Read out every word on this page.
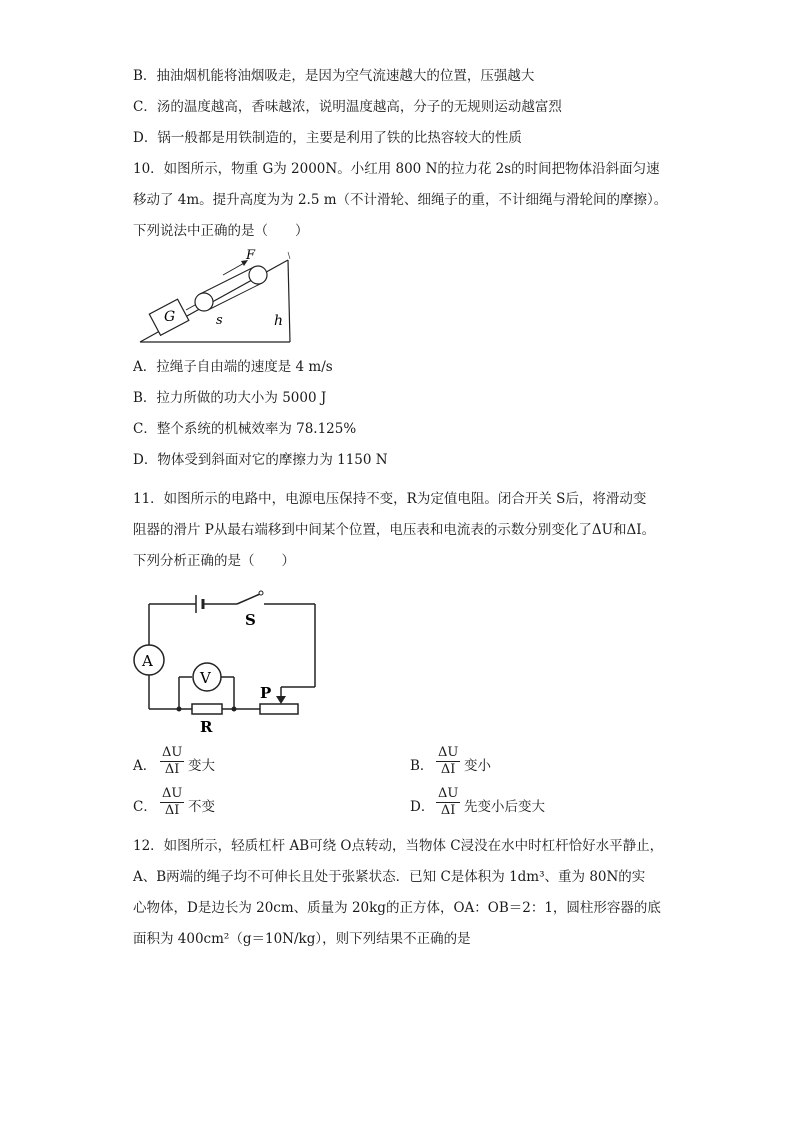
B．抽油烟机能将油烟吸走，是因为空气流速越大的位置，压强越大
C．汤的温度越高，香味越浓，说明温度越高，分子的无规则运动越富烈
D．锅一般都是用铁制造的，主要是利用了铁的比热容较大的性质
10．如图所示，物重 G为 2000N。小红用 800 N的拉力花 2s的时间把物体沿斜面匀速
移动了 4m。提升高度为为 2.5 m（不计滑轮、细绳子的重，不计细绳与滑轮间的摩擦）。
下列说法中正确的是（　　）
F
G	s	h
A．拉绳子自由端的速度是 4 m/s
B．拉力所做的功大小为 5000 J
C．整个系统的机械效率为 78.125%
D．物体受到斜面对它的摩擦力为 1150 N
11．如图所示的电路中，电源电压保持不变，R为定值电阻。闭合开关 S后，将滑动变
阻器的滑片 P从最右端移到中间某个位置，电压表和电流表的示数分别变化了ΔU和ΔI。
下列分析正确的是（　　）
A
V
S
P
R
A． $\frac{\Delta U}{\Delta I}$ 变大	B． $\frac{\Delta U}{\Delta I}$ 变小
C． $\frac{\Delta U}{\Delta I}$ 不变	D． $\frac{\Delta U}{\Delta I}$ 先变小后变大
12．如图所示，轻质杠杆 AB可绕 O点转动，当物体 C浸没在水中时杠杆恰好水平静止，
A、B两端的绳子均不可伸长且处于张紧状态．已知 C是体积为 1dm³、重为 80N的实
心物体，D是边长为 20cm、质量为 20kg的正方体，OA：OB＝2：1，圆柱形容器的底
面积为 400cm²（g＝10N/kg），则下列结果不正确的是
